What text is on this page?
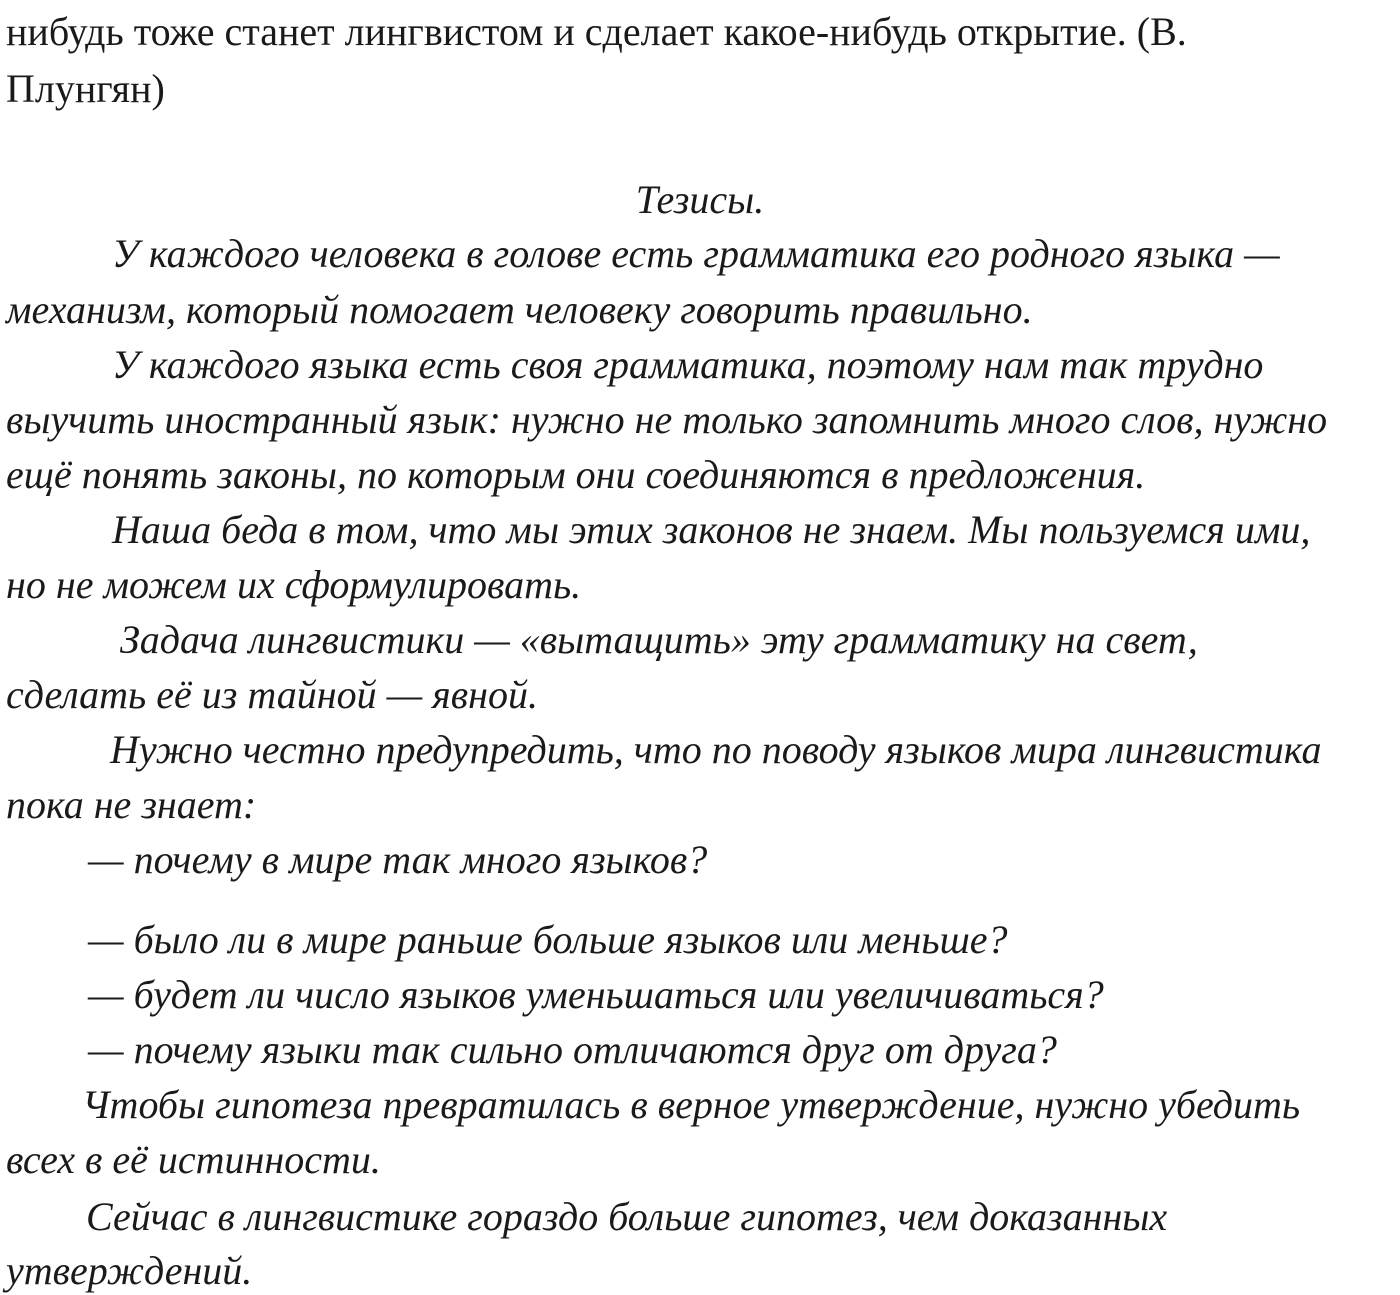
нибудь тоже станет лингвистом и сделает какое-нибудь открытие. (В.
Плунгян)
Тезисы.
У каждого человека в голове есть грамматика его родного языка —
механизм, который помогает человеку говорить правильно.
У каждого языка есть своя грамматика, поэтому нам так трудно
выучить иностранный язык: нужно не только запомнить много слов, нужно
ещё понять законы, по которым они соединяются в предложения.
Наша беда в том, что мы этих законов не знаем. Мы пользуемся ими,
но не можем их сформулировать.
Задача лингвистики — «вытащить» эту грамматику на свет,
сделать её из тайной — явной.
Нужно честно предупредить, что по поводу языков мира лингвистика
пока не знает:
— почему в мире так много языков?
— было ли в мире раньше больше языков или меньше?
— будет ли число языков уменьшаться или увеличиваться?
— почему языки так сильно отличаются друг от друга?
Чтобы гипотеза превратилась в верное утверждение, нужно убедить
всех в её истинности.
Сейчас в лингвистике гораздо больше гипотез, чем доказанных
утверждений.
